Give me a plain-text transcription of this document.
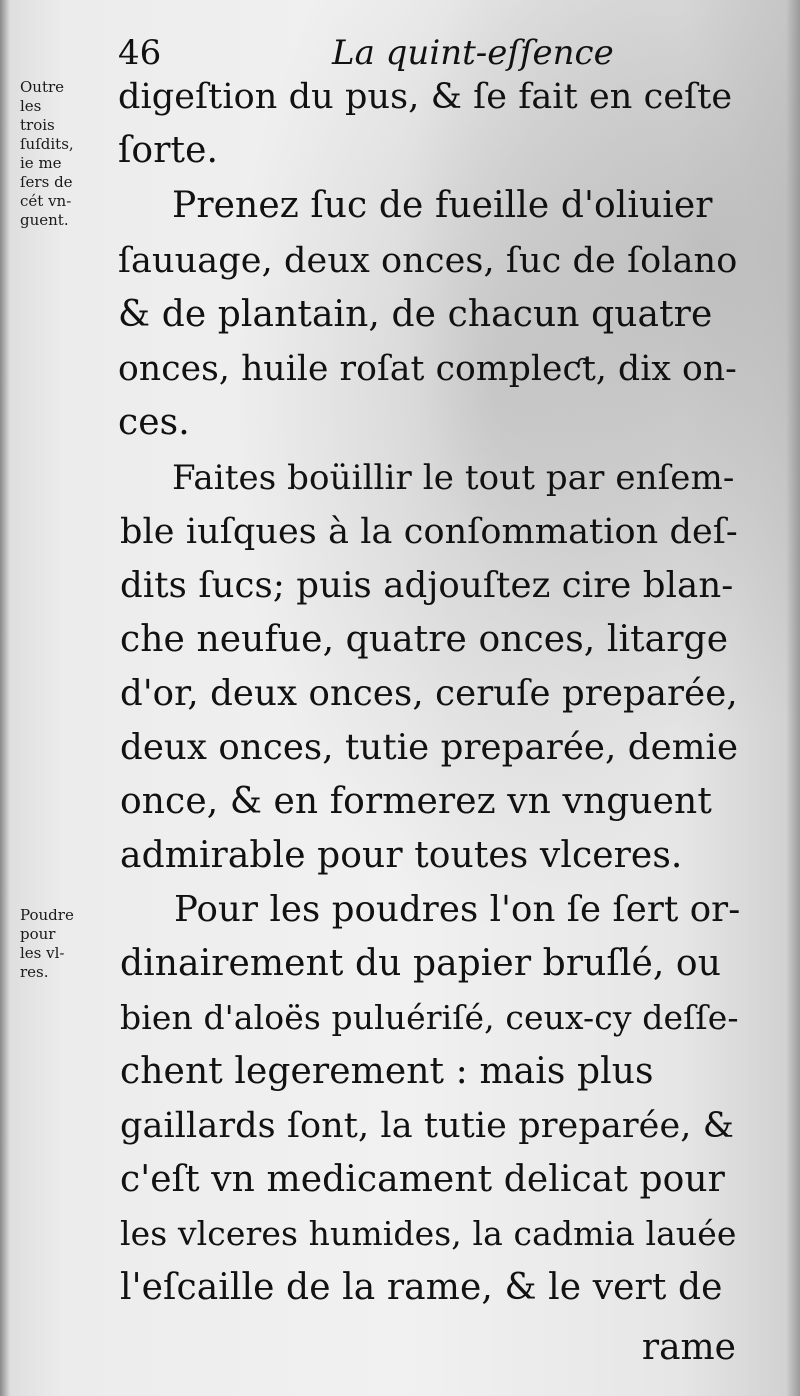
46	La quint-eſſence
Outre
les
trois
ſuſdits,
ie me
ſers de
cét vn-
guent.
Poudre
pour
les vl-
res.
digeſtion du pus, & ſe fait en ceſte
ſorte.
Prenez ſuc de fueille d'oliuier
ſauuage, deux onces, ſuc de ſolano
& de plantain, de chacun quatre
onces, huile roſat compleƈt, dix on-
ces.
Faites boüillir le tout par enſem-
ble iuſques à la conſommation deſ-
dits ſucs; puis adjouſtez cire blan-
che neufue, quatre onces, litarge
d'or, deux onces, ceruſe preparée,
deux onces, tutie preparée, demie
once, & en formerez vn vnguent
admirable pour toutes vlceres.
Pour les poudres l'on ſe ſert or-
dinairement du papier bruſlé, ou
bien d'aloës puluériſé, ceux-cy deſſe-
chent legerement : mais plus
gaillards ſont, la tutie preparée, &
c'eſt vn medicament delicat pour
les vlceres humides, la cadmia lauée
l'eſcaille de la rame, & le vert de
rame
